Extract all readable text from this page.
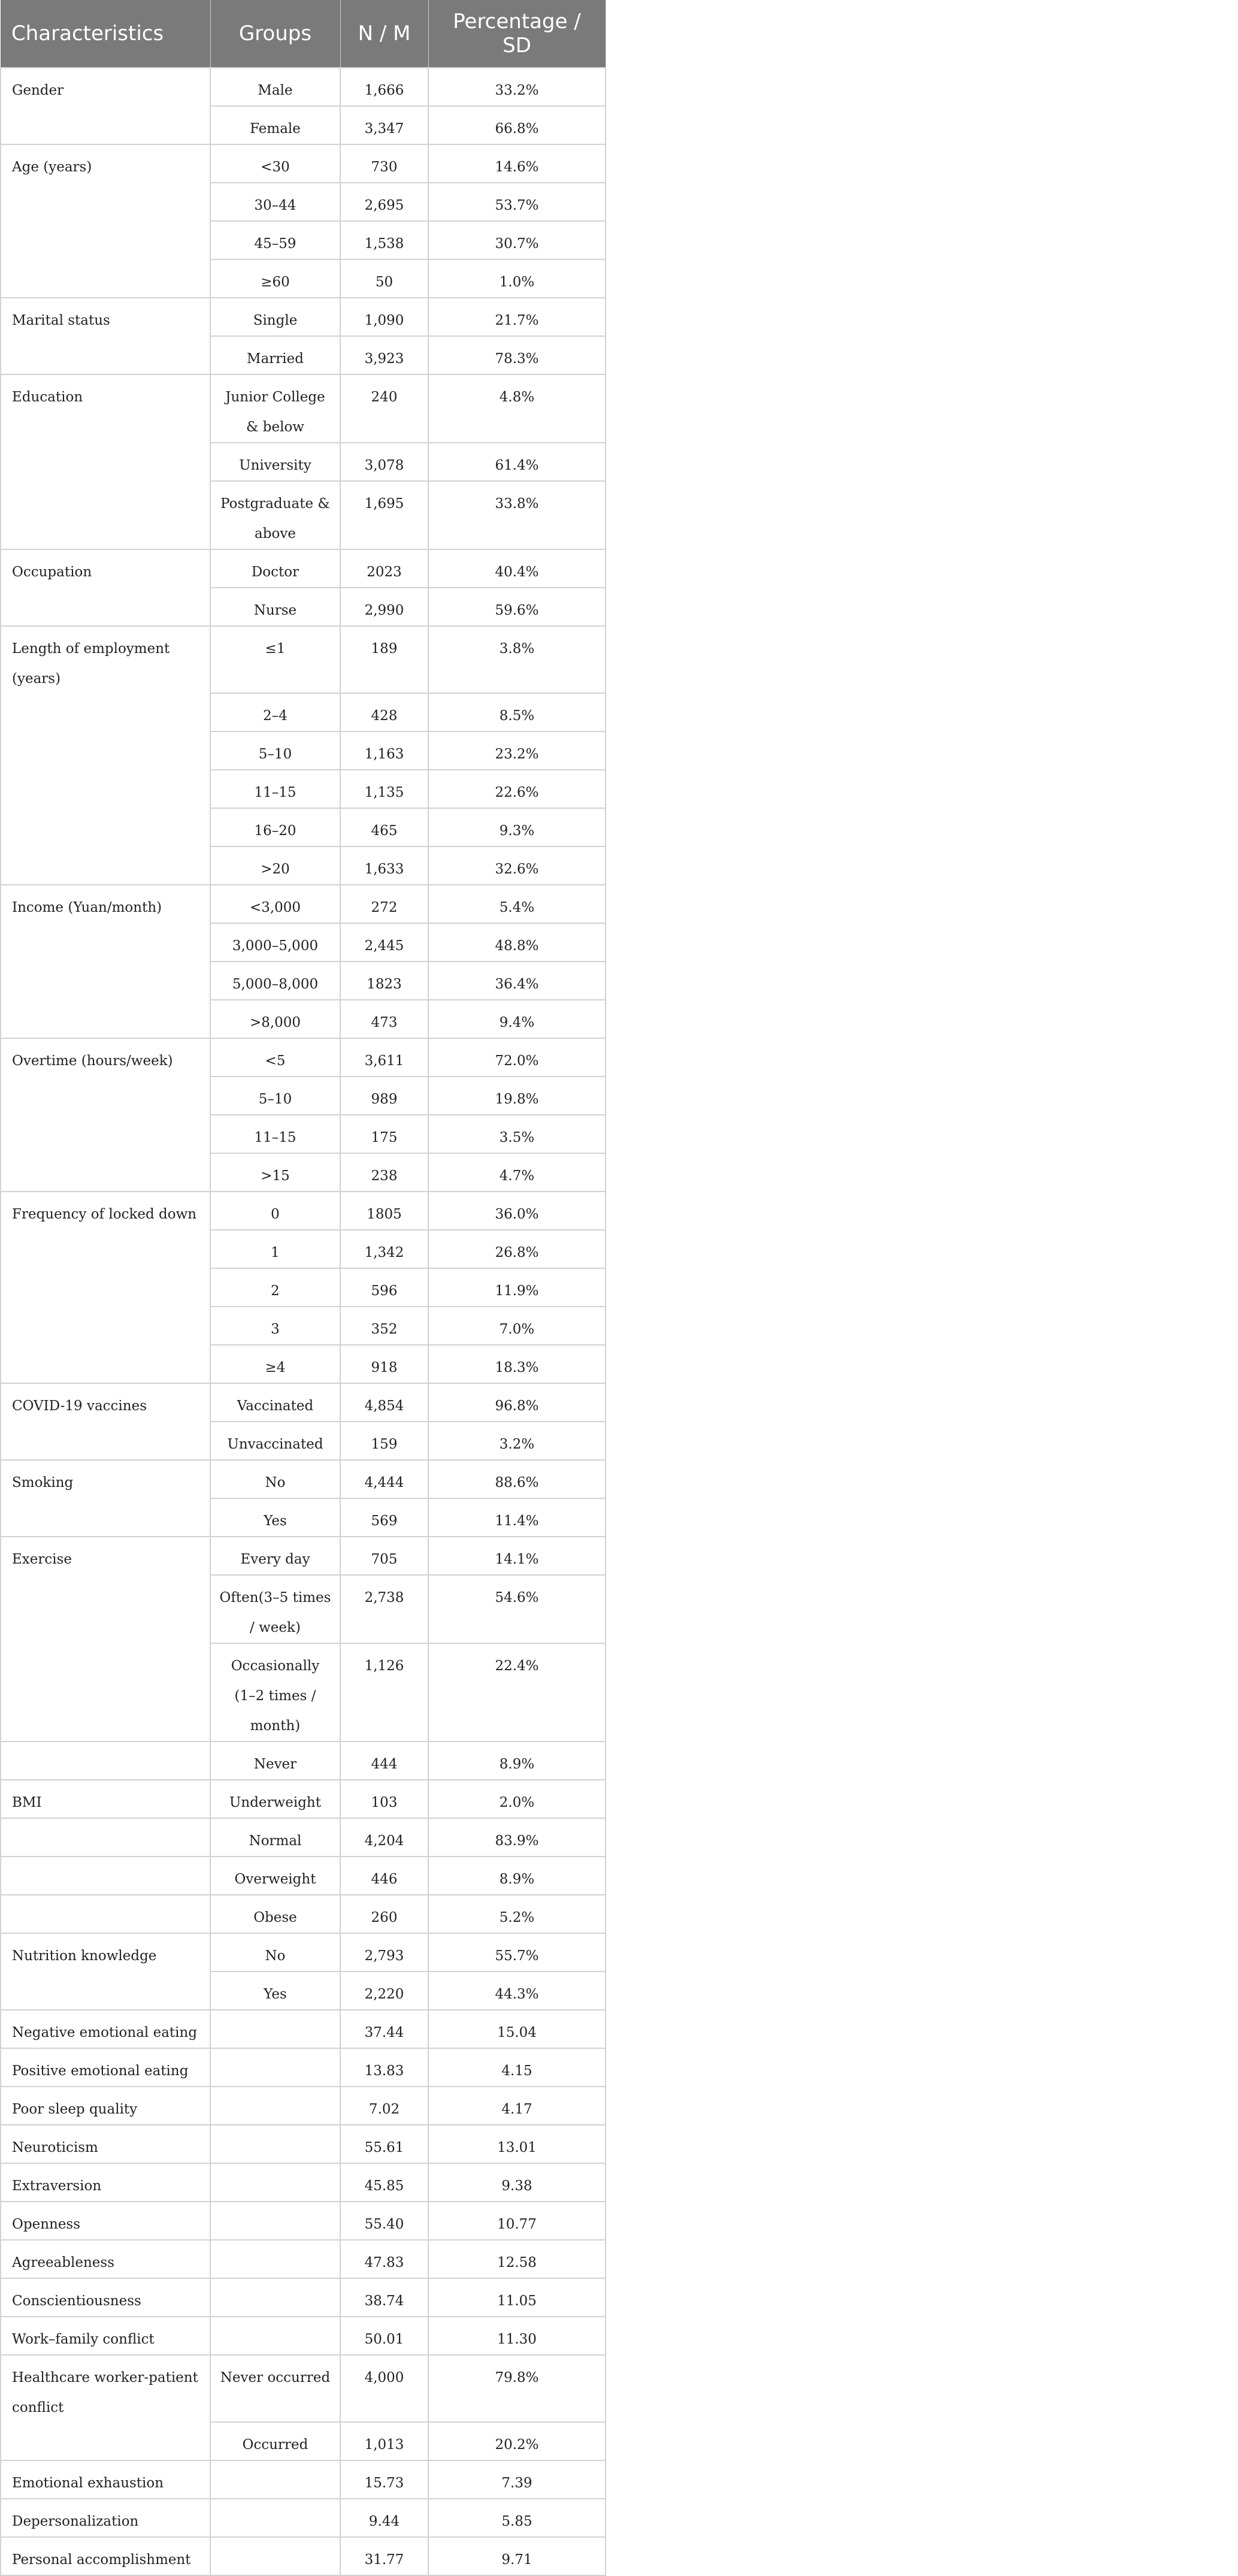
Characteristics	Groups	N / M	Percentage / SD
Gender	Male	1,666	33.2%
	Female	3,347	66.8%
Age (years)	<30	730	14.6%
	30–44	2,695	53.7%
	45–59	1,538	30.7%
	≥60	50	1.0%
Marital status	Single	1,090	21.7%
	Married	3,923	78.3%
Education	Junior College & below	240	4.8%
	University	3,078	61.4%
	Postgraduate & above	1,695	33.8%
Occupation	Doctor	2023	40.4%
	Nurse	2,990	59.6%
Length of employment (years)	≤1	189	3.8%
	2–4	428	8.5%
	5–10	1,163	23.2%
	11–15	1,135	22.6%
	16–20	465	9.3%
	>20	1,633	32.6%
Income (Yuan/month)	<3,000	272	5.4%
	3,000–5,000	2,445	48.8%
	5,000–8,000	1823	36.4%
	>8,000	473	9.4%
Overtime (hours/week)	<5	3,611	72.0%
	5–10	989	19.8%
	11–15	175	3.5%
	>15	238	4.7%
Frequency of locked down	0	1805	36.0%
	1	1,342	26.8%
	2	596	11.9%
	3	352	7.0%
	≥4	918	18.3%
COVID-19 vaccines	Vaccinated	4,854	96.8%
	Unvaccinated	159	3.2%
Smoking	No	4,444	88.6%
	Yes	569	11.4%
Exercise	Every day	705	14.1%
	Often(3–5 times / week)	2,738	54.6%
	Occasionally (1–2 times / month)	1,126	22.4%
	Never	444	8.9%
BMI	Underweight	103	2.0%
	Normal	4,204	83.9%
	Overweight	446	8.9%
	Obese	260	5.2%
Nutrition knowledge	No	2,793	55.7%
	Yes	2,220	44.3%
Negative emotional eating		37.44	15.04
Positive emotional eating		13.83	4.15
Poor sleep quality		7.02	4.17
Neuroticism		55.61	13.01
Extraversion		45.85	9.38
Openness		55.40	10.77
Agreeableness		47.83	12.58
Conscientiousness		38.74	11.05
Work–family conflict		50.01	11.30
Healthcare worker-patient conflict	Never occurred	4,000	79.8%
	Occurred	1,013	20.2%
Emotional exhaustion		15.73	7.39
Depersonalization		9.44	5.85
Personal accomplishment		31.77	9.71
